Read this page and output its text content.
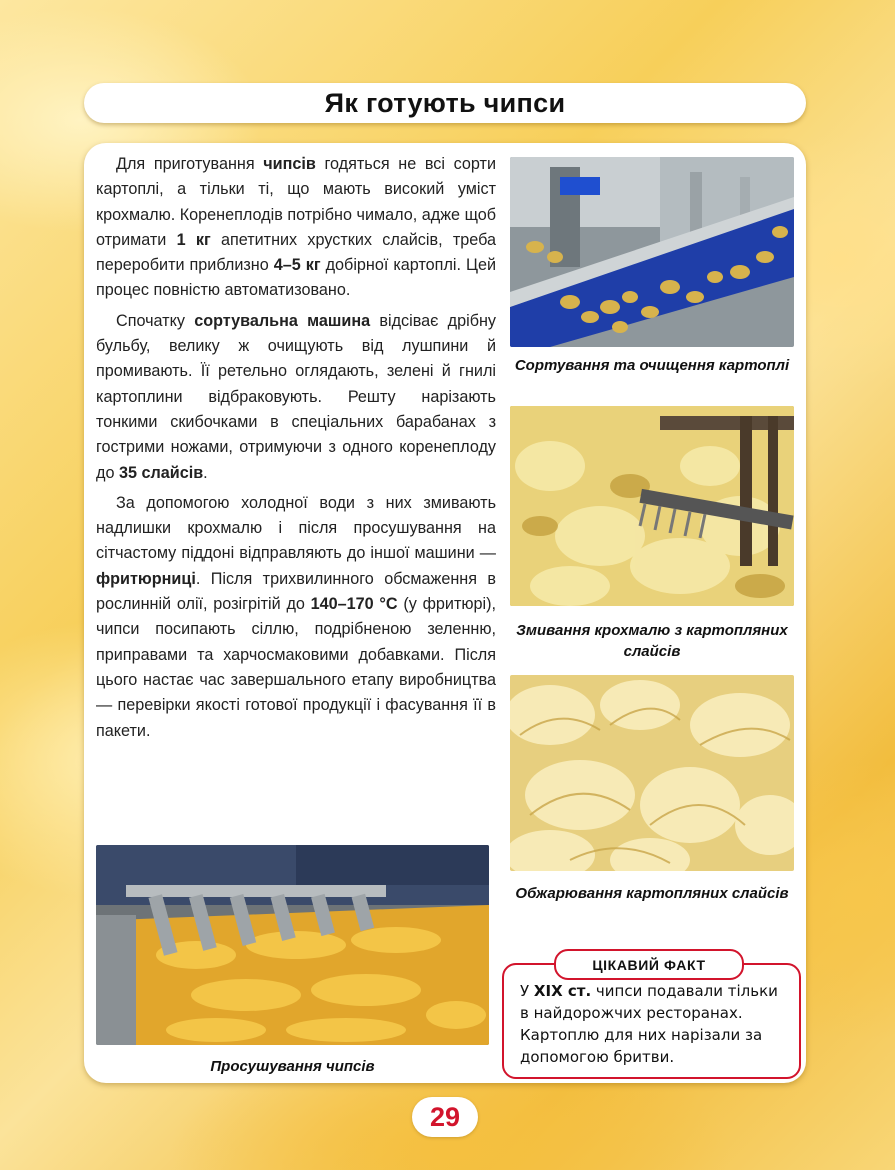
Як готують чипси

Для приготування чипсів годяться не всі сорти картоплі, а тільки ті, що мають високий уміст крохмалю. Коренеплодів потрібно чимало, адже щоб отримати 1 кг апетитних хрустких слайсів, треба переробити приблизно 4–5 кг добірної картоплі. Цей процес повністю автоматизовано.

Спочатку сортувальна машина відсіває дрібну бульбу, велику ж очищують від лушпини й промивають. Її ретельно оглядають, зелені й гнилі картоплини відбраковують. Решту нарізають тонкими скибочками в спеціальних барабанах з гострими ножами, отримуючи з одного коренеплоду до 35 слайсів.

За допомогою холодної води з них змивають надлишки крохмалю і після просушування на сітчастому піддоні відправляють до іншої машини — фритюрниці. Після трихвилинного обсмаження в рослинній олії, розігрітій до 140–170 °С (у фритюрі), чипси посипають сіллю, подрібненою зеленню, приправами та харчосмаковими добавками. Після цього настає час завершального етапу виробництва — перевірки якості готової продукції і фасування її в пакети.

Сортування та очищення картоплі
Змивання крохмалю з картопляних слайсів
Обжарювання картопляних слайсів
Просушування чипсів
ЦІКАВИЙ ФАКТ
У ХІХ ст. чипси подавали тільки в найдорожчих ресторанах. Картоплю для них нарізали за допомогою бритви.
29
